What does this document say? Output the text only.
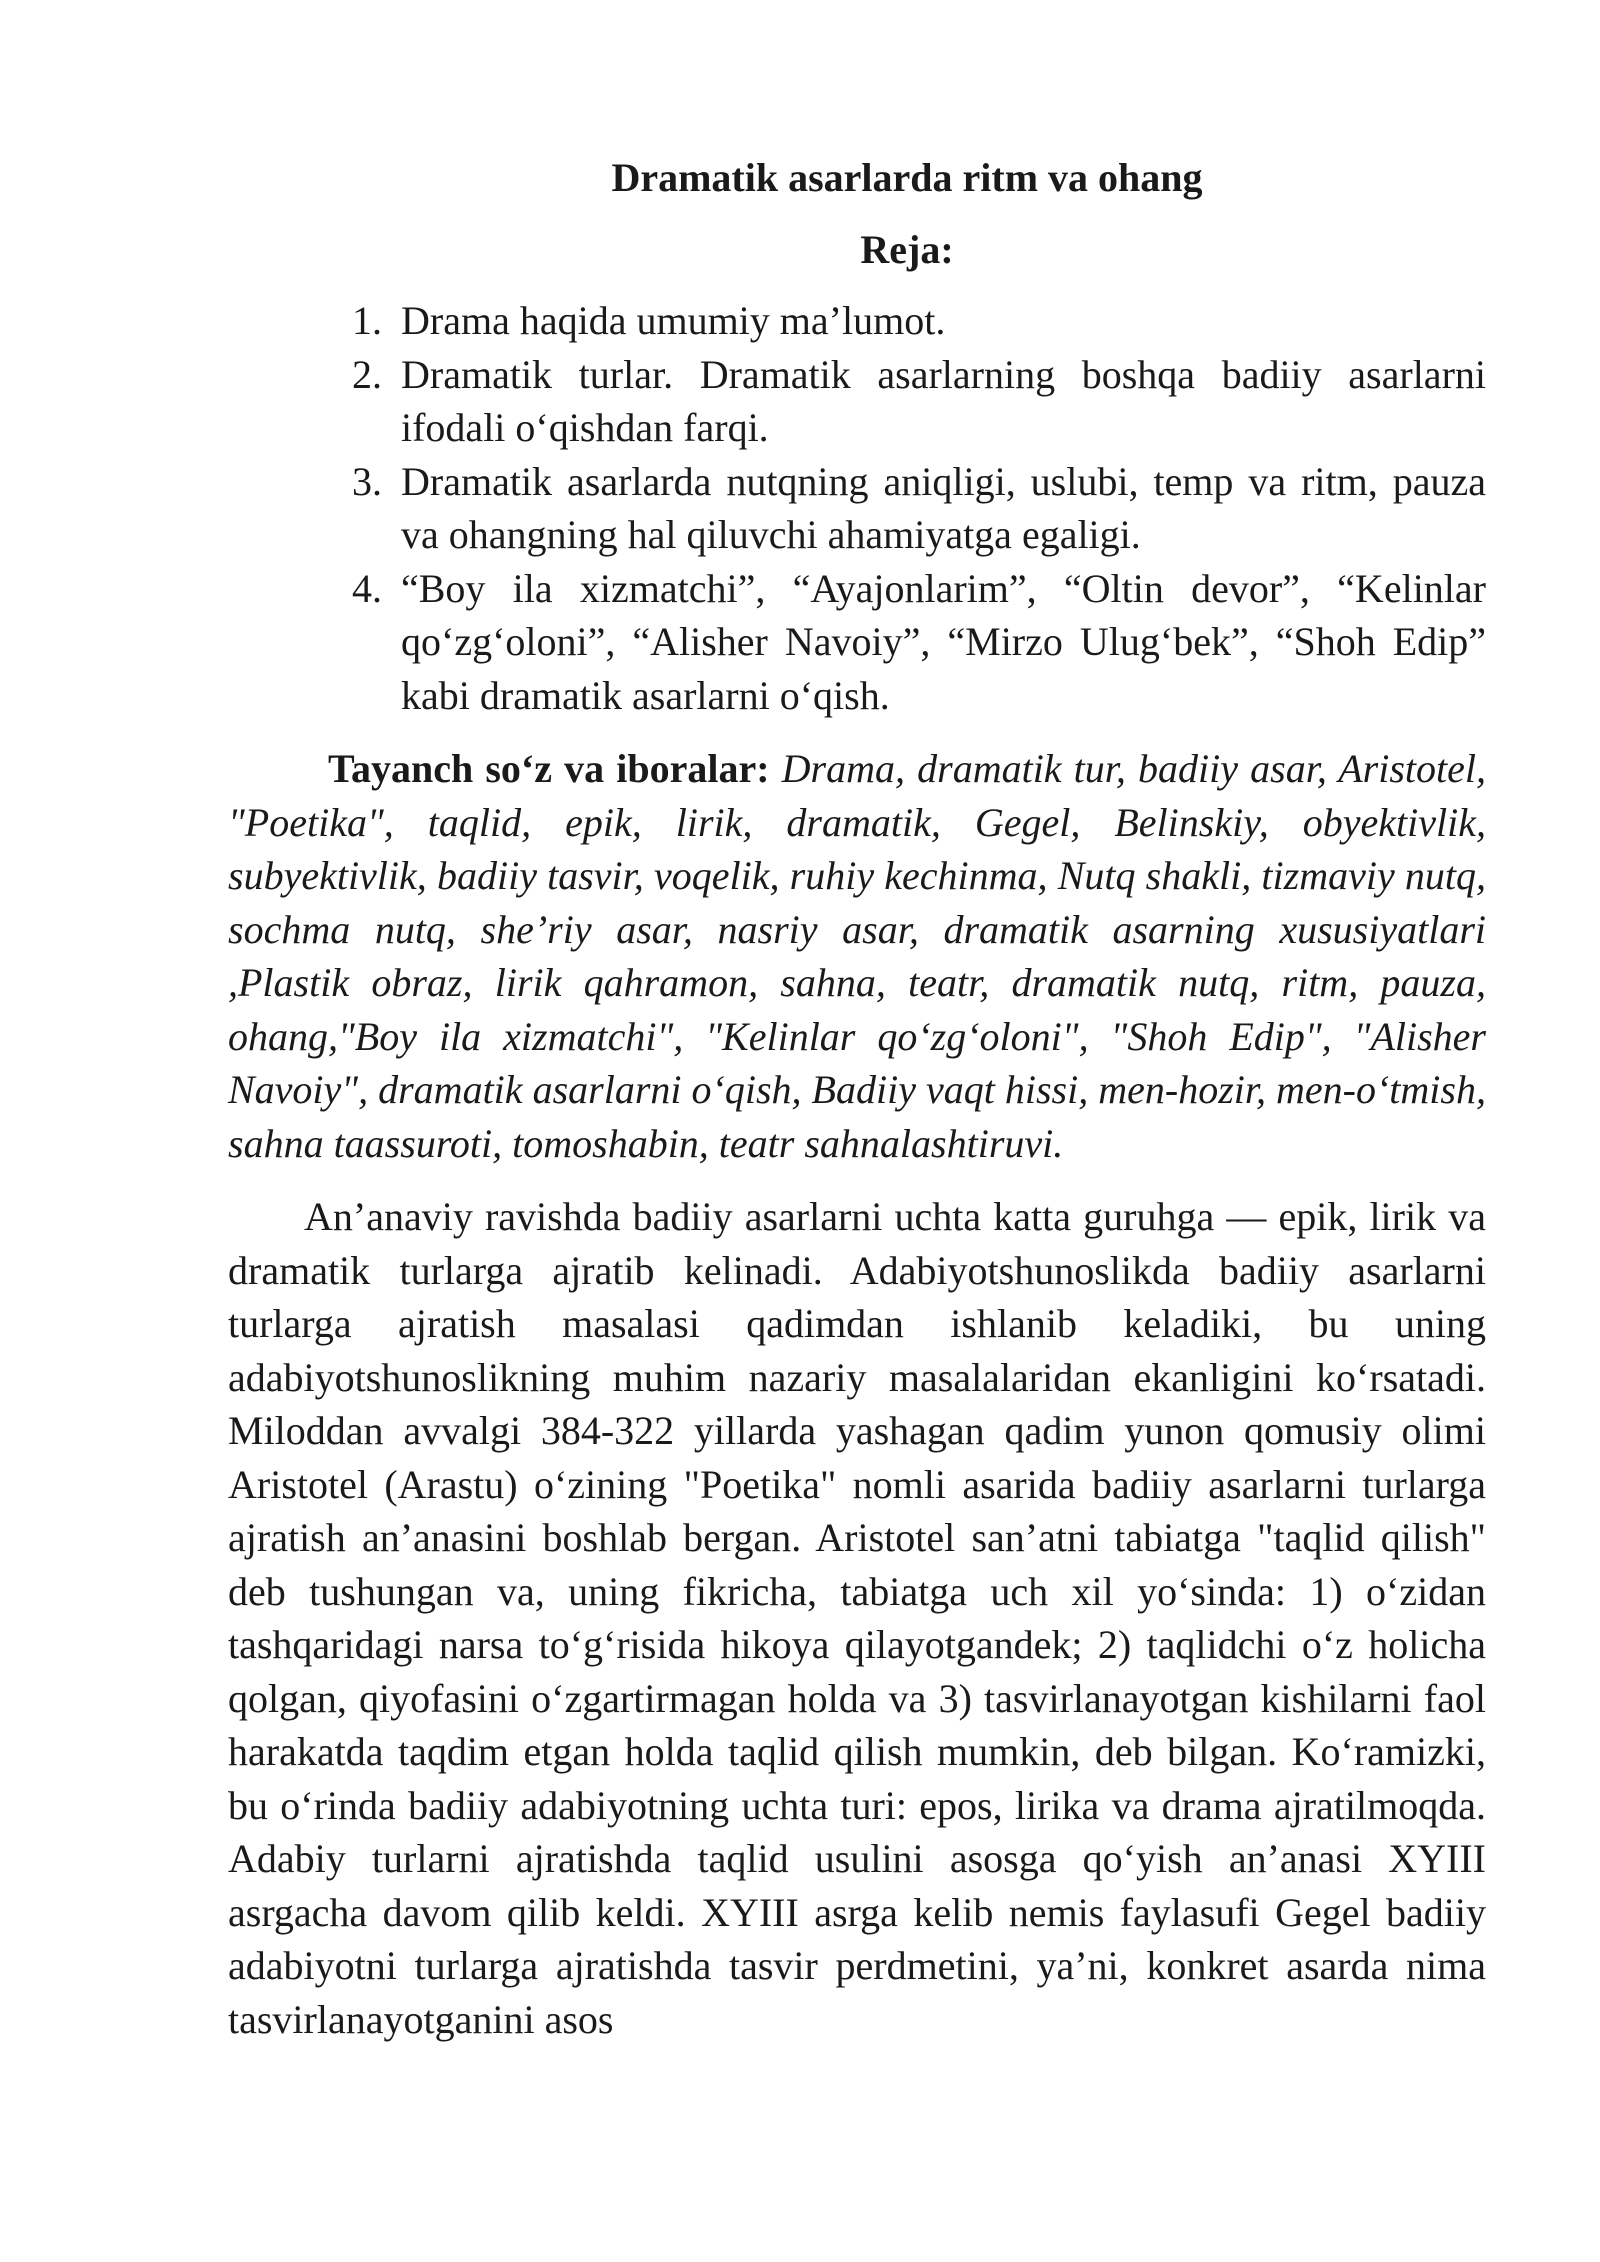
Dramatik asarlarda ritm va ohang
Reja:
1. Drama haqida umumiy ma’lumot.
2. Dramatik turlar. Dramatik asarlarning boshqa badiiy asarlarni ifodali o‘qishdan farqi.
3. Dramatik asarlarda nutqning aniqligi, uslubi, temp va ritm, pauza va ohangning hal qiluvchi ahamiyatga egaligi.
4. “Boy ila xizmatchi”, “Ayajonlarim”, “Oltin devor”, “Kelinlar qo‘zg‘oloni”, “Alisher Navoiy”, “Mirzo Ulug‘bek”, “Shoh Edip” kabi dramatik asarlarni o‘qish.

Tayanch so‘z va iboralar: Drama, dramatik tur, badiiy asar, Aristotel, "Poetika", taqlid, epik, lirik, dramatik, Gegel, Belinskiy, obyektivlik, subyektivlik, badiiy tasvir, voqelik, ruhiy kechinma, Nutq shakli, tizmaviy nutq, sochma nutq, she’riy asar, nasriy asar, dramatik asarning xususiyatlari ,Plastik obraz, lirik qahramon, sahna, teatr, dramatik nutq, ritm, pauza, ohang,"Boy ila xizmatchi", "Kelinlar qo‘zg‘oloni", "Shoh Edip", "Alisher Navoiy", dramatik asarlarni o‘qish, Badiiy vaqt hissi, men-hozir, men-o‘tmish, sahna taassuroti, tomoshabin, teatr sahnalashtiruvi.

An’anaviy ravishda badiiy asarlarni uchta katta guruhga — epik, lirik va dramatik turlarga ajratib kelinadi. Adabiyotshunoslikda badiiy asarlarni turlarga ajratish masalasi qadimdan ishlanib keladiki, bu uning adabiyotshunoslikning muhim nazariy masalalaridan ekanligini ko‘rsatadi. Miloddan avvalgi 384-322 yillarda yashagan qadim yunon qomusiy olimi Aristotel (Arastu) o‘zining "Poetika" nomli asarida badiiy asarlarni turlarga ajratish an’anasini boshlab bergan. Aristotel san’atni tabiatga "taqlid qilish" deb tushungan va, uning fikricha, tabiatga uch xil yo‘sinda: 1) o‘zidan tashqaridagi narsa to‘g‘risida hikoya qilayotgandek; 2) taqlidchi o‘z holicha qolgan, qiyofasini o‘zgartirmagan holda va 3) tasvirlanayotgan kishilarni faol harakatda taqdim etgan holda taqlid qilish mumkin, deb bilgan. Ko‘ramizki, bu o‘rinda badiiy adabiyotning uchta turi: epos, lirika va drama ajratilmoqda. Adabiy turlarni ajratishda taqlid usulini asosga qo‘yish an’anasi XYIII asrgacha davom qilib keldi. XYIII asrga kelib nemis faylasufi Gegel badiiy adabiyotni turlarga ajratishda tasvir perdmetini, ya’ni, konkret asarda nima tasvirlanayotganini asos
